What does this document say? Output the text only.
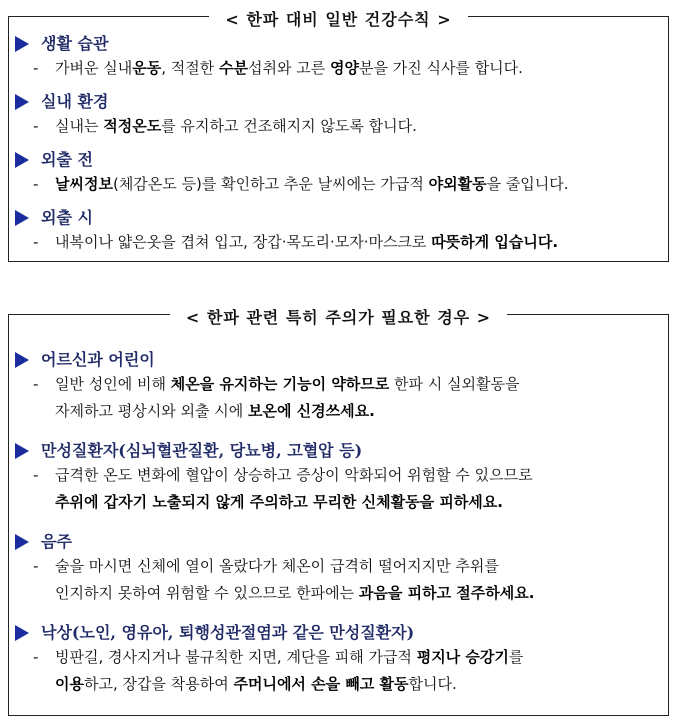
< 한파 대비 일반 건강수칙 >
생활 습관
- 가벼운 실내운동, 적절한 수분섭취와 고른 영양분을 가진 식사를 합니다.
실내 환경
- 실내는 적정온도를 유지하고 건조해지지 않도록 합니다.
외출 전
- 날씨정보(체감온도 등)를 확인하고 추운 날씨에는 가급적 야외활동을 줄입니다.
외출 시
- 내복이나 얇은옷을 겹쳐 입고, 장갑·목도리·모자·마스크로 따뜻하게 입습니다.
< 한파 관련 특히 주의가 필요한 경우 >
어르신과 어린이
- 일반 성인에 비해 체온을 유지하는 기능이 약하므로 한파 시 실외활동을
자제하고 평상시와 외출 시에 보온에 신경쓰세요.
만성질환자(심뇌혈관질환, 당뇨병, 고혈압 등)
- 급격한 온도 변화에 혈압이 상승하고 증상이 악화되어 위험할 수 있으므로
추위에 갑자기 노출되지 않게 주의하고 무리한 신체활동을 피하세요.
음주
- 술을 마시면 신체에 열이 올랐다가 체온이 급격히 떨어지지만 추위를
인지하지 못하여 위험할 수 있으므로 한파에는 과음을 피하고 절주하세요.
낙상(노인, 영유아, 퇴행성관절염과 같은 만성질환자)
- 빙판길, 경사지거나 불규칙한 지면, 계단을 피해 가급적 평지나 승강기를
이용하고, 장갑을 착용하여 주머니에서 손을 빼고 활동합니다.
